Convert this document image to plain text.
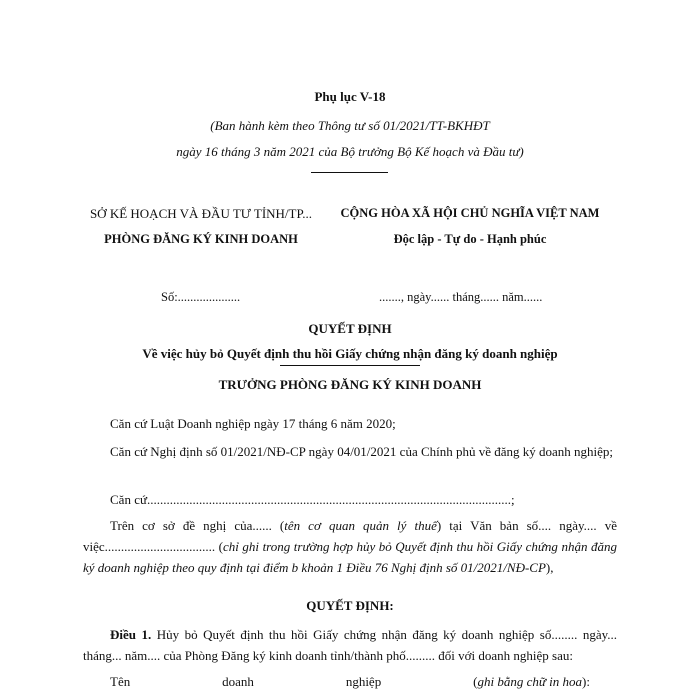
Phụ lục V-18
(Ban hành kèm theo Thông tư số 01/2021/TT-BKHĐT
ngày 16 tháng 3 năm 2021 của Bộ trưởng Bộ Kế hoạch và Đầu tư)
SỞ KẾ HOẠCH VÀ ĐẦU TƯ TỈNH/TP...
PHÒNG ĐĂNG KÝ KINH DOANH
CỘNG HÒA XÃ HỘI CHỦ NGHĨA VIỆT NAM
Độc lập - Tự do - Hạnh phúc
Số:....................	......., ngày...... tháng...... năm......
QUYẾT ĐỊNH
Về việc hủy bỏ Quyết định thu hồi Giấy chứng nhận đăng ký doanh nghiệp
TRƯỞNG PHÒNG ĐĂNG KÝ KINH DOANH
Căn cứ Luật Doanh nghiệp ngày 17 tháng 6 năm 2020;
Căn cứ Nghị định số 01/2021/NĐ-CP ngày 04/01/2021 của Chính phủ về đăng ký doanh nghiệp;
Căn cứ................................................................................................................;
Trên cơ sở đề nghị của...... (tên cơ quan quản lý thuế) tại Văn bản số.... ngày.... về việc.................................. (chỉ ghi trong trường hợp hủy bỏ Quyết định thu hồi Giấy chứng nhận đăng ký doanh nghiệp theo quy định tại điểm b khoản 1 Điều 76 Nghị định số 01/2021/NĐ-CP),
QUYẾT ĐỊNH:
Điều 1. Hủy bỏ Quyết định thu hồi Giấy chứng nhận đăng ký doanh nghiệp số........ ngày... tháng... năm.... của Phòng Đăng ký kinh doanh tỉnh/thành phố......... đối với doanh nghiệp sau:
Tên	doanh	nghiệp	(ghi bằng chữ in hoa):
